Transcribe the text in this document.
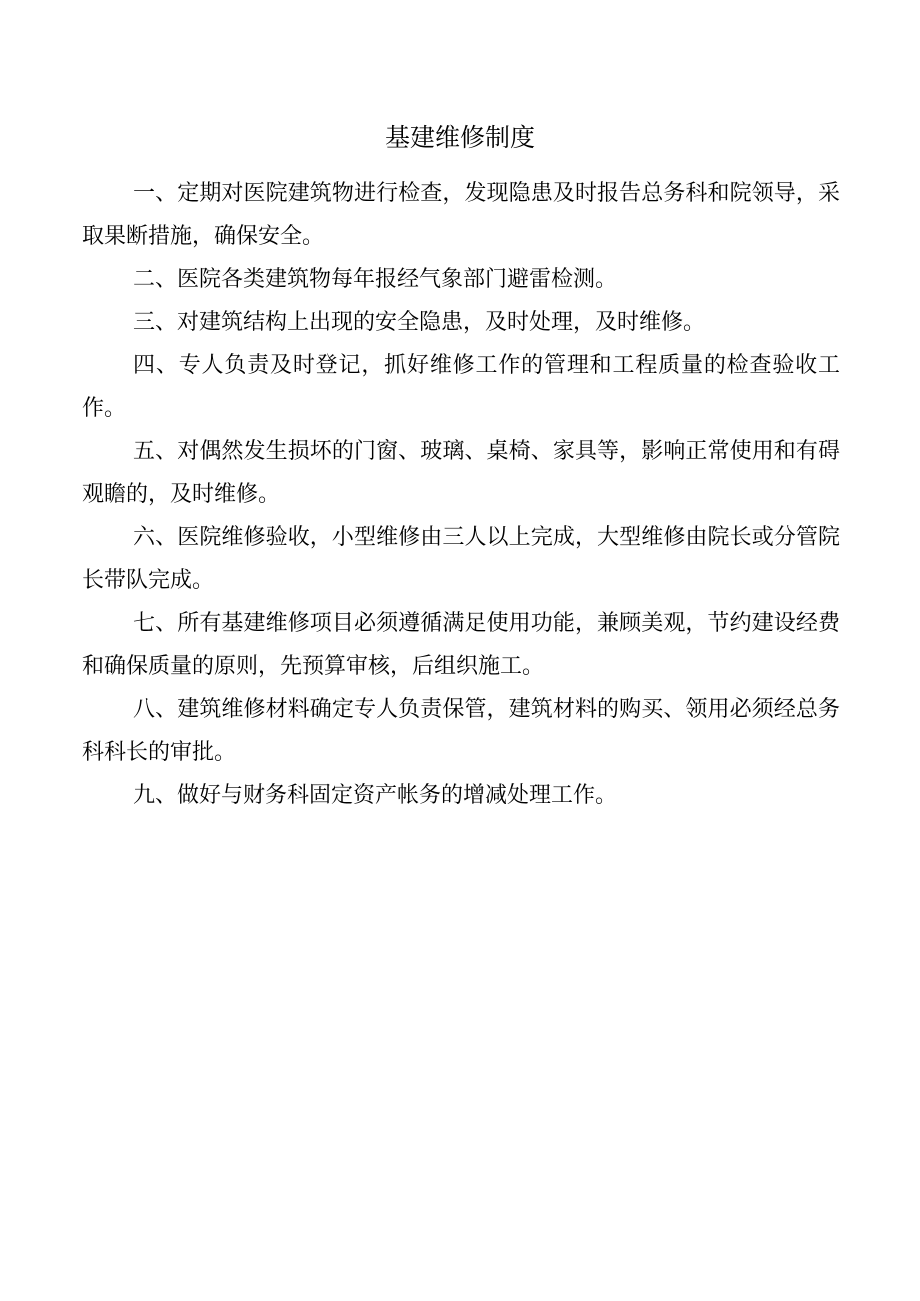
基建维修制度

一、定期对医院建筑物进行检查，发现隐患及时报告总务科和院领导，采取果断措施，确保安全。

二、医院各类建筑物每年报经气象部门避雷检测。

三、对建筑结构上出现的安全隐患，及时处理，及时维修。

四、专人负责及时登记，抓好维修工作的管理和工程质量的检查验收工作。

五、对偶然发生损坏的门窗、玻璃、桌椅、家具等，影响正常使用和有碍观瞻的，及时维修。

六、医院维修验收，小型维修由三人以上完成，大型维修由院长或分管院长带队完成。

七、所有基建维修项目必须遵循满足使用功能，兼顾美观，节约建设经费和确保质量的原则，先预算审核，后组织施工。

八、建筑维修材料确定专人负责保管，建筑材料的购买、领用必须经总务科科长的审批。

九、做好与财务科固定资产帐务的增减处理工作。
